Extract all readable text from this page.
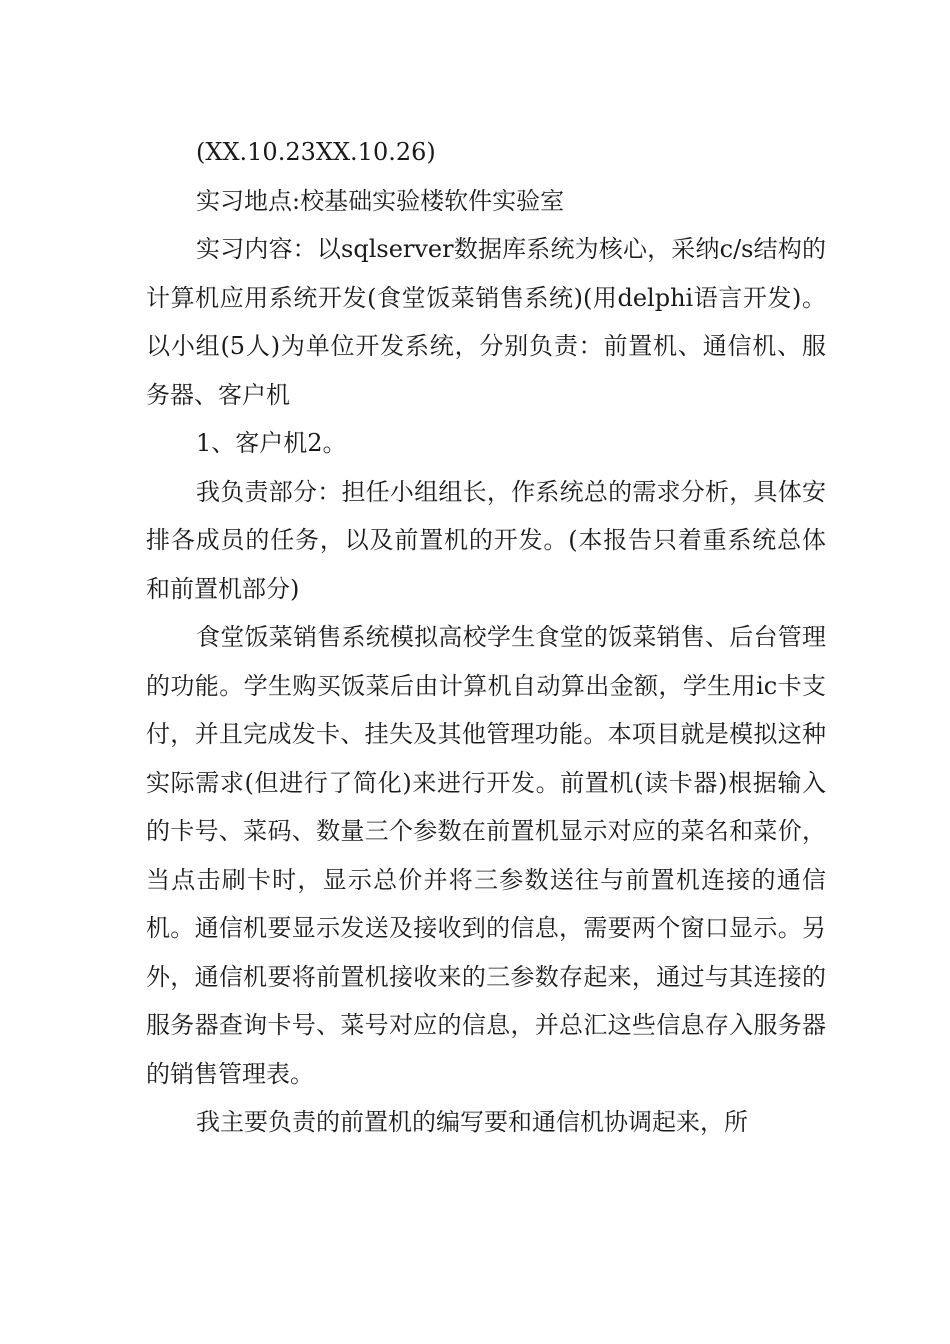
(XX.10.23XX.10.26)

实习地点:校基础实验楼软件实验室

实习内容：以sqlserver数据库系统为核心，采纳c/s结构的计算机应用系统开发(食堂饭菜销售系统)(用delphi语言开发)。以小组(5人)为单位开发系统，分别负责：前置机、通信机、服务器、客户机

1、客户机2。

我负责部分：担任小组组长，作系统总的需求分析，具体安排各成员的任务，以及前置机的开发。(本报告只着重系统总体和前置机部分)

食堂饭菜销售系统模拟高校学生食堂的饭菜销售、后台管理的功能。学生购买饭菜后由计算机自动算出金额，学生用ic卡支付，并且完成发卡、挂失及其他管理功能。本项目就是模拟这种实际需求(但进行了简化)来进行开发。前置机(读卡器)根据输入的卡号、菜码、数量三个参数在前置机显示对应的菜名和菜价，当点击刷卡时，显示总价并将三参数送往与前置机连接的通信机。通信机要显示发送及接收到的信息，需要两个窗口显示。另外，通信机要将前置机接收来的三参数存起来，通过与其连接的服务器查询卡号、菜号对应的信息，并总汇这些信息存入服务器的销售管理表。

我主要负责的前置机的编写要和通信机协调起来，所
